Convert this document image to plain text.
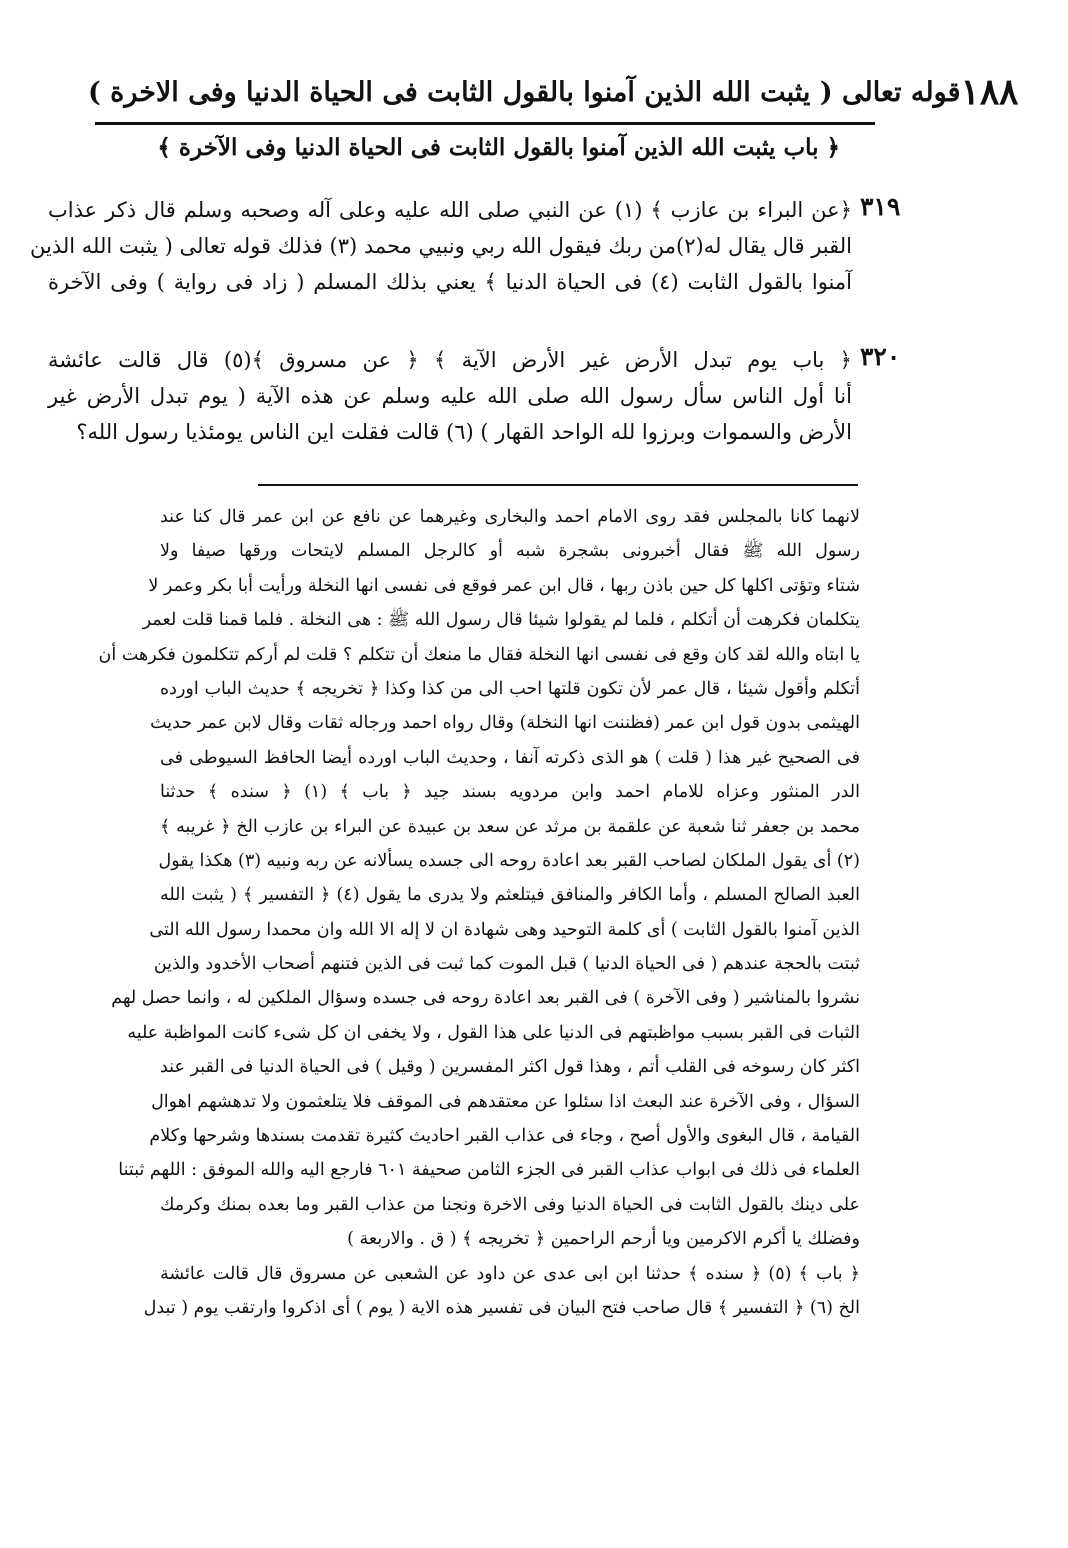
قوله تعالى ( يثبت الله الذين آمنوا بالقول الثابت فى الحياة الدنيا وفى الاخرة ) ١٨٨
﴿ باب يثبت الله الذين آمنوا بالقول الثابت فى الحياة الدنيا وفى الآخرة ﴾
٣١٩
﴿عن البراء بن عازب ﴾ (١) عن النبي صلى الله عليه وعلى آله وصحبه وسلم قال ذكر عذاب
القبر قال يقال له(٢)من ربك فيقول الله ربي ونبيي محمد (٣) فذلك قوله تعالى ( يثبت الله الذين
آمنوا بالقول الثابت (٤) فى الحياة الدنيا ﴾ يعني بذلك المسلم ( زاد فى رواية ) وفى الآخرة
٣٢٠
﴿ باب يوم تبدل الأرض غير الأرض الآية ﴾ ﴿ عن مسروق ﴾(٥) قال قالت عائشة
أنا أول الناس سأل رسول الله صلى الله عليه وسلم عن هذه الآية ( يوم تبدل الأرض غير
الأرض والسموات وبرزوا لله الواحد القهار ) (٦) قالت فقلت اين الناس يومئذيا رسول الله؟
لانهما كانا بالمجلس فقد روى الامام احمد والبخارى وغيرهما عن نافع عن ابن عمر قال كنا عند
رسول الله ﷺ فقال أخبرونى بشجرة شبه أو كالرجل المسلم لايتحات ورقها صيفا ولا
شتاء وتؤتى اكلها كل حين باذن ربها ، قال ابن عمر فوقع فى نفسى انها النخلة ورأيت أبا بكر وعمر لا
يتكلمان فكرهت أن أتكلم ، فلما لم يقولوا شيئا قال رسول الله ﷺ : هى النخلة . فلما قمنا قلت لعمر
يا ابتاه والله لقد كان وقع فى نفسى انها النخلة فقال ما منعك أن تتكلم ؟ قلت لم أركم تتكلمون فكرهت أن
أتكلم وأقول شيئا ، قال عمر لأن تكون قلتها احب الى من كذا وكذا ﴿ تخريجه ﴾ حديث الباب اورده
الهيثمى بدون قول ابن عمر (فظننت انها النخلة) وقال رواه احمد ورجاله ثقات وقال لابن عمر حديث
فى الصحيح غير هذا ( قلت ) هو الذى ذكرته آنفا ، وحديث الباب اورده أيضا الحافظ السيوطى فى
الدر المنثور وعزاه للامام احمد وابن مردويه بسند جيد ﴿ باب ﴾ (١) ﴿ سنده ﴾ حدثنا
محمد بن جعفر ثنا شعبة عن علقمة بن مرثد عن سعد بن عبيدة عن البراء بن عازب الخ ﴿ غريبه ﴾
(٢) أى يقول الملكان لصاحب القبر بعد اعادة روحه الى جسده يسألانه عن ربه ونبيه (٣) هكذا يقول
العبد الصالح المسلم ، وأما الكافر والمنافق فيتلعثم ولا يدرى ما يقول (٤) ﴿ التفسير ﴾ ( يثبت الله
الذين آمنوا بالقول الثابت ) أى كلمة التوحيد وهى شهادة ان لا إله الا الله وان محمدا رسول الله التى
ثبتت بالحجة عندهم ( فى الحياة الدنيا ) قبل الموت كما ثبت فى الذين فتنهم أصحاب الأخدود والذين
نشروا بالمناشير ( وفى الآخرة ) فى القبر بعد اعادة روحه فى جسده وسؤال الملكين له ، وانما حصل لهم
الثبات فى القبر بسبب مواظبتهم فى الدنيا على هذا القول ، ولا يخفى ان كل شىء كانت المواظبة عليه
اكثر كان رسوخه فى القلب أتم ، وهذا قول اكثر المفسرين ( وقيل ) فى الحياة الدنيا فى القبر عند
السؤال ، وفى الآخرة عند البعث اذا سئلوا عن معتقدهم فى الموقف فلا يتلعثمون ولا تدهشهم اهوال
القيامة ، قال البغوى والأول أصح ، وجاء فى عذاب القبر احاديث كثيرة تقدمت بسندها وشرحها وكلام
العلماء فى ذلك فى ابواب عذاب القبر فى الجزء الثامن صحيفة ٦٠١ فارجع اليه والله الموفق : اللهم ثبتنا
على دينك بالقول الثابت فى الحياة الدنيا وفى الاخرة ونجنا من عذاب القبر وما بعده بمنك وكرمك
وفضلك يا أكرم الاكرمين ويا أرحم الراحمين ﴿ تخريجه ﴾ ( ق . والاربعة )
﴿ باب ﴾ (٥) ﴿ سنده ﴾ حدثنا ابن ابى عدى عن داود عن الشعبى عن مسروق قال قالت عائشة
الخ (٦) ﴿ التفسير ﴾ قال صاحب فتح البيان فى تفسير هذه الاية ( يوم ) أى اذكروا وارتقب يوم ( تبدل
